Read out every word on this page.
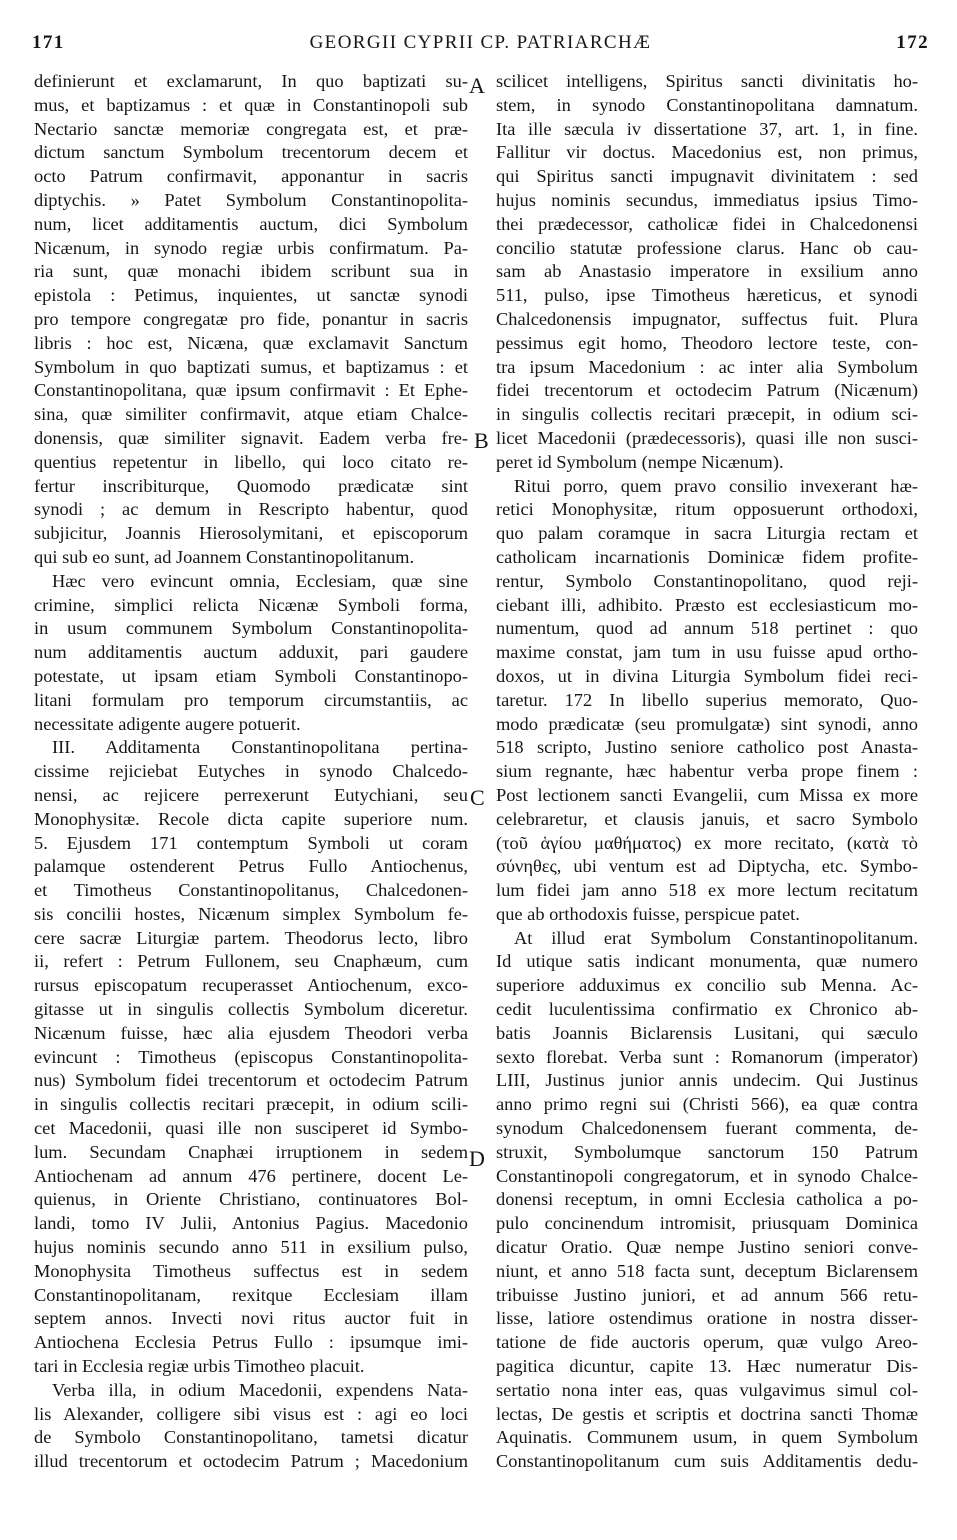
171	GEORGII CYPRII CP. PATRIARCHÆ	172
definierunt et exclamarunt, In quo baptizati su-
mus, et baptizamus : et quæ in Constantinopoli sub
Nectario sanctæ memoriæ congregata est, et præ-
dictum sanctum Symbolum trecentorum decem et
octo Patrum confirmavit, apponantur in sacris
diptychis. » Patet Symbolum Constantinopolita-
num, licet additamentis auctum, dici Symbolum
Nicænum, in synodo regiæ urbis confirmatum. Pa-
ria sunt, quæ monachi ibidem scribunt sua in
epistola : Petimus, inquientes, ut sanctæ synodi
pro tempore congregatæ pro fide, ponantur in sacris
libris : hoc est, Nicæna, quæ exclamavit Sanctum
Symbolum in quo baptizati sumus, et baptizamus : et
Constantinopolitana, quæ ipsum confirmavit : Et Ephe-
sina, quæ similiter confirmavit, atque etiam Chalce-
donensis, quæ similiter signavit. Eadem verba fre-
quentius repetentur in libello, qui loco citato re-
fertur inscribiturque, Quomodo prædicatæ sint
synodi ; ac demum in Rescripto habentur, quod
subjicitur, Joannis Hierosolymitani, et episcoporum
qui sub eo sunt, ad Joannem Constantinopolitanum.
Hæc vero evincunt omnia, Ecclesiam, quæ sine
crimine, simplici relicta Nicænæ Symboli forma,
in usum communem Symbolum Constantinopolita-
num additamentis auctum adduxit, pari gaudere
potestate, ut ipsam etiam Symboli Constantinopo-
litani formulam pro temporum circumstantiis, ac
necessitate adigente augere potuerit.
III. Additamenta Constantinopolitana pertina-
cissime rejiciebat Eutyches in synodo Chalcedo-
nensi, ac rejicere perrexerunt Eutychiani, seu
Monophysitæ. Recole dicta capite superiore num.
5. Ejusdem 171 contemptum Symboli ut coram
palamque ostenderent Petrus Fullo Antiochenus,
et Timotheus Constantinopolitanus, Chalcedonen-
sis concilii hostes, Nicænum simplex Symbolum fe-
cere sacræ Liturgiæ partem. Theodorus lecto, libro
ii, refert : Petrum Fullonem, seu Cnaphæum, cum
rursus episcopatum recuperasset Antiochenum, exco-
gitasse ut in singulis collectis Symbolum diceretur.
Nicænum fuisse, hæc alia ejusdem Theodori verba
evincunt : Timotheus (episcopus Constantinopolita-
nus) Symbolum fidei trecentorum et octodecim Patrum
in singulis collectis recitari præcepit, in odium scili-
cet Macedonii, quasi ille non susciperet id Symbo-
lum. Secundam Cnaphæi irruptionem in sedem
Antiochenam ad annum 476 pertinere, docent Le-
quienus, in Oriente Christiano, continuatores Bol-
landi, tomo IV Julii, Antonius Pagius. Macedonio
hujus nominis secundo anno 511 in exsilium pulso,
Monophysita Timotheus suffectus est in sedem
Constantinopolitanam, rexitque Ecclesiam illam
septem annos. Invecti novi ritus auctor fuit in
Antiochena Ecclesia Petrus Fullo : ipsumque imi-
tari in Ecclesia regiæ urbis Timotheo placuit.
Verba illa, in odium Macedonii, expendens Nata-
lis Alexander, colligere sibi visus est : agi eo loci
de Symbolo Constantinopolitano, tametsi dicatur
illud trecentorum et octodecim Patrum ; Macedonium
A
B
C
D
scilicet intelligens, Spiritus sancti divinitatis ho-
stem, in synodo Constantinopolitana damnatum.
Ita ille sæcula iv dissertatione 37, art. 1, in fine.
Fallitur vir doctus. Macedonius est, non primus,
qui Spiritus sancti impugnavit divinitatem : sed
hujus nominis secundus, immediatus ipsius Timo-
thei prædecessor, catholicæ fidei in Chalcedonensi
concilio statutæ professione clarus. Hanc ob cau-
sam ab Anastasio imperatore in exsilium anno
511, pulso, ipse Timotheus hæreticus, et synodi
Chalcedonensis impugnator, suffectus fuit. Plura
pessimus egit homo, Theodoro lectore teste, con-
tra ipsum Macedonium : ac inter alia Symbolum
fidei trecentorum et octodecim Patrum (Nicænum)
in singulis collectis recitari præcepit, in odium sci-
licet Macedonii (prædecessoris), quasi ille non susci-
peret id Symbolum (nempe Nicænum).
Ritui porro, quem pravo consilio invexerant hæ-
retici Monophysitæ, ritum opposuerunt orthodoxi,
quo palam coramque in sacra Liturgia rectam et
catholicam incarnationis Dominicæ fidem profite-
rentur, Symbolo Constantinopolitano, quod reji-
ciebant illi, adhibito. Præsto est ecclesiasticum mo-
numentum, quod ad annum 518 pertinet : quo
maxime constat, jam tum in usu fuisse apud ortho-
doxos, ut in divina Liturgia Symbolum fidei reci-
taretur. 172 In libello superius memorato, Quo-
modo prædicatæ (seu promulgatæ) sint synodi, anno
518 scripto, Justino seniore catholico post Anasta-
sium regnante, hæc habentur verba prope finem :
Post lectionem sancti Evangelii, cum Missa ex more
celebraretur, et clausis januis, et sacro Symbolo
(τοῦ ἁγίου μαθήματος) ex more recitato, (κατὰ τὸ
σύνηθες, ubi ventum est ad Diptycha, etc. Symbo-
lum fidei jam anno 518 ex more lectum recitatum
que ab orthodoxis fuisse, perspicue patet.
At illud erat Symbolum Constantinopolitanum.
Id utique satis indicant monumenta, quæ numero
superiore adduximus ex concilio sub Menna. Ac-
cedit luculentissima confirmatio ex Chronico ab-
batis Joannis Biclarensis Lusitani, qui sæculo
sexto florebat. Verba sunt : Romanorum (imperator)
LIII, Justinus junior annis undecim. Qui Justinus
anno primo regni sui (Christi 566), ea quæ contra
synodum Chalcedonensem fuerant commenta, de-
struxit, Symbolumque sanctorum 150 Patrum
Constantinopoli congregatorum, et in synodo Chalce-
donensi receptum, in omni Ecclesia catholica a po-
pulo concinendum intromisit, priusquam Dominica
dicatur Oratio. Quæ nempe Justino seniori conve-
niunt, et anno 518 facta sunt, deceptum Biclarensem
tribuisse Justino juniori, et ad annum 566 retu-
lisse, latiore ostendimus oratione in nostra disser-
tatione de fide auctoris operum, quæ vulgo Areo-
pagitica dicuntur, capite 13. Hæc numeratur Dis-
sertatio nona inter eas, quas vulgavimus simul col-
lectas, De gestis et scriptis et doctrina sancti Thomæ
Aquinatis. Communem usum, in quem Symbolum
Constantinopolitanum cum suis Additamentis dedu-
